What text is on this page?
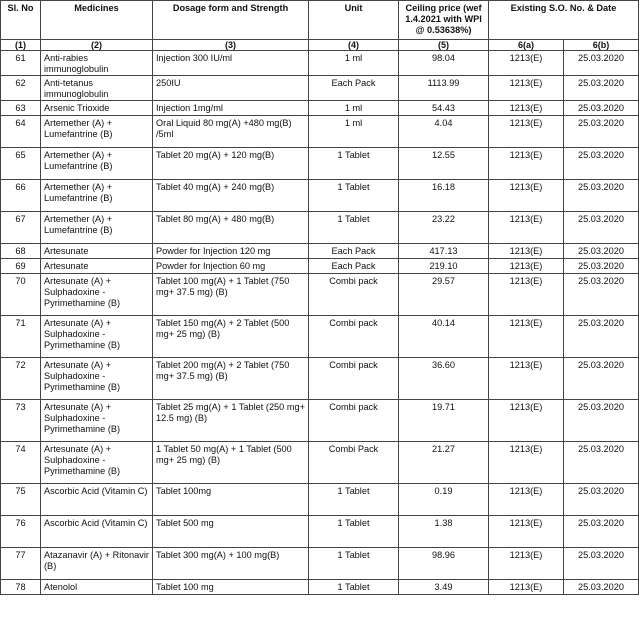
Sl. No	Medicines	Dosage form and Strength	Unit	Ceiling price (wef 1.4.2021 with WPI @ 0.53638%)	Existing S.O. No. & Date	
(1)	(2)	(3)	(4)	(5)	6(a)	6(b)
61	Anti-rabies immunoglobulin	Injection 300 IU/ml	1 ml	98.04	1213(E)	25.03.2020
62	Anti-tetanus immunoglobulin	250IU	Each Pack	1113.99	1213(E)	25.03.2020
63	Arsenic Trioxide	Injection 1mg/ml	1 ml	54.43	1213(E)	25.03.2020
64	Artemether (A) + Lumefantrine (B)	Oral Liquid 80 mg(A) +480 mg(B) /5ml	1 ml	4.04	1213(E)	25.03.2020
65	Artemether (A) + Lumefantrine (B)	Tablet 20 mg(A) + 120 mg(B)	1 Tablet	12.55	1213(E)	25.03.2020
66	Artemether (A) + Lumefantrine (B)	Tablet 40 mg(A) + 240 mg(B)	1 Tablet	16.18	1213(E)	25.03.2020
67	Artemether (A) + Lumefantrine (B)	Tablet 80 mg(A) + 480 mg(B)	1 Tablet	23.22	1213(E)	25.03.2020
68	Artesunate	Powder for Injection 120 mg	Each Pack	417.13	1213(E)	25.03.2020
69	Artesunate	Powder for Injection 60 mg	Each Pack	219.10	1213(E)	25.03.2020
70	Artesunate (A) + Sulphadoxine - Pyrimethamine (B)	Tablet 100 mg(A) + 1 Tablet (750 mg+ 37.5 mg) (B)	Combi pack	29.57	1213(E)	25.03.2020
71	Artesunate (A) + Sulphadoxine - Pyrimethamine (B)	Tablet 150 mg(A) + 2 Tablet (500 mg+ 25 mg) (B)	Combi pack	40.14	1213(E)	25.03.2020
72	Artesunate (A) + Sulphadoxine - Pyrimethamine (B)	Tablet 200 mg(A) + 2 Tablet (750 mg+ 37.5 mg) (B)	Combi pack	36.60	1213(E)	25.03.2020
73	Artesunate (A) + Sulphadoxine - Pyrimethamine (B)	Tablet 25 mg(A) + 1 Tablet (250 mg+ 12.5 mg) (B)	Combi pack	19.71	1213(E)	25.03.2020
74	Artesunate (A) + Sulphadoxine - Pyrimethamine (B)	1 Tablet 50 mg(A) + 1 Tablet (500 mg+ 25 mg) (B)	Combi Pack	21.27	1213(E)	25.03.2020
75	Ascorbic Acid (Vitamin C)	Tablet 100mg	1 Tablet	0.19	1213(E)	25.03.2020
76	Ascorbic Acid (Vitamin C)	Tablet 500 mg	1 Tablet	1.38	1213(E)	25.03.2020
77	Atazanavir (A) + Ritonavir (B)	Tablet 300 mg(A) + 100 mg(B)	1 Tablet	98.96	1213(E)	25.03.2020
78	Atenolol	Tablet 100 mg	1 Tablet	3.49	1213(E)	25.03.2020
